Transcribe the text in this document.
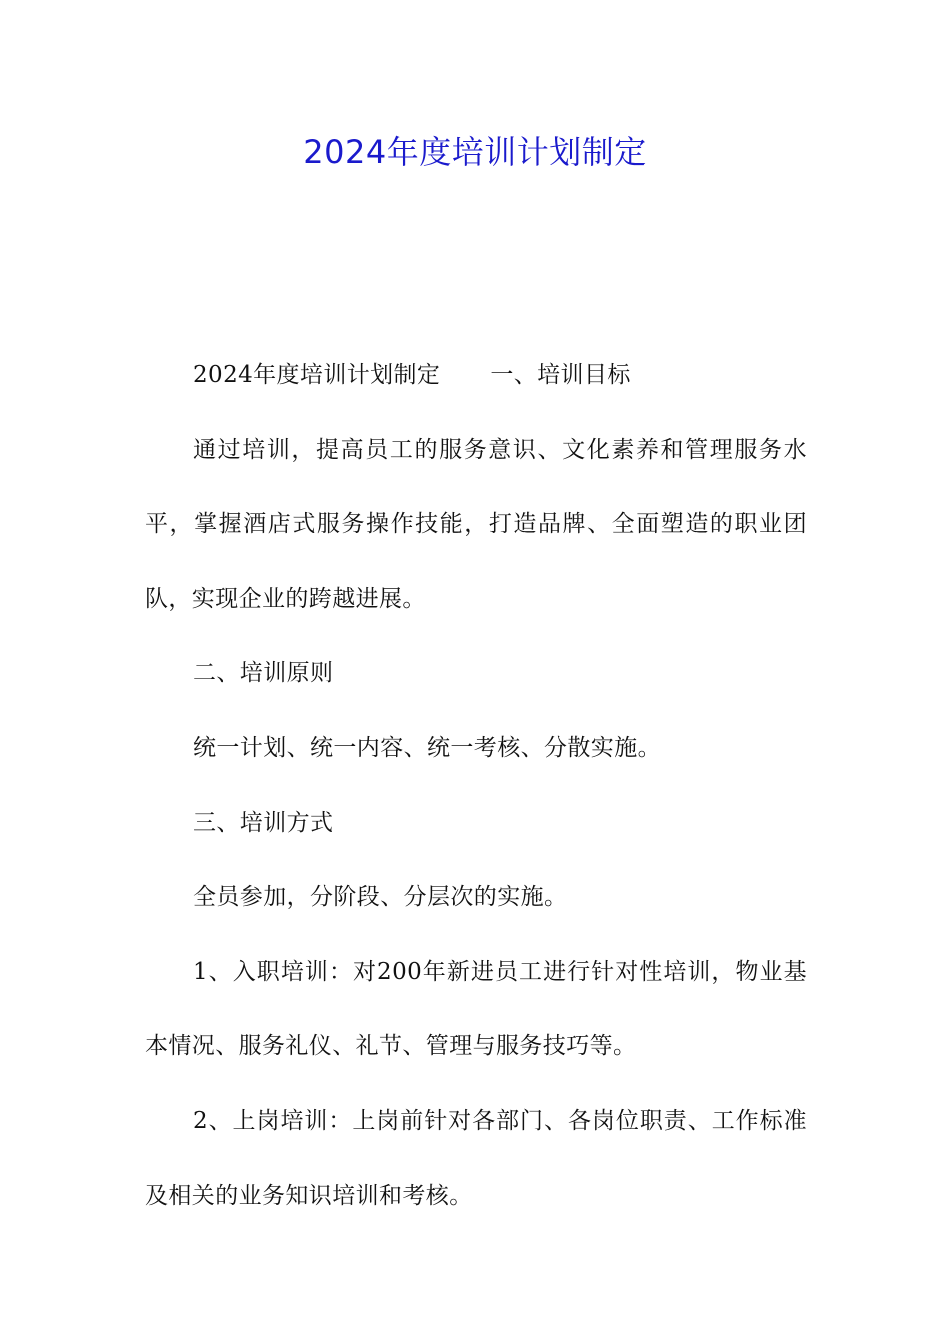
2024年度培训计划制定

2024年度培训计划制定 一、培训目标

通过培训，提高员工的服务意识、文化素养和管理服务水平，掌握酒店式服务操作技能，打造品牌、全面塑造的职业团队，实现企业的跨越进展。

二、培训原则

统一计划、统一内容、统一考核、分散实施。

三、培训方式

全员参加，分阶段、分层次的实施。

1、入职培训：对200年新进员工进行针对性培训，物业基本情况、服务礼仪、礼节、管理与服务技巧等。

2、上岗培训：上岗前针对各部门、各岗位职责、工作标准及相关的业务知识培训和考核。
